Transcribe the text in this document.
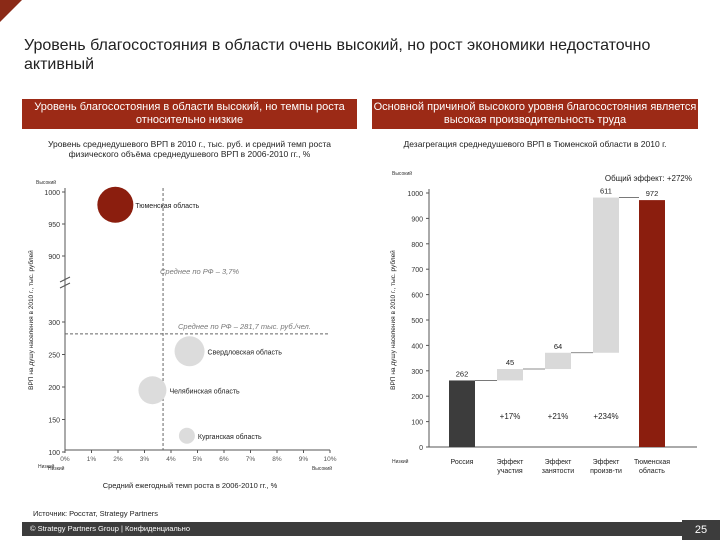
Уровень благосостояния в области очень высокий, но рост экономики недостаточно активный
Уровень благосостояния в области высокий, но темпы роста относительно низкие
Основной причиной высокого уровня благосостояния является высокая производительность труда
Уровень среднедушевого ВРП в 2010 г., тыс. руб. и средний темп роста физического объёма среднедушевого ВРП в 2006-2010 гг., %
Дезагрегация среднедушевого ВРП в Тюменской области в 2010 г.
1000
950
900
300
250
200
150
100
0%	1%	2%	3%	4%	5%	6%	7%	8%	9% 10%
Среднее по РФ – 3,7%
Среднее по РФ – 281,7 тыс. руб./чел.
Тюменская область
Свердловская область
Челябинская область
Курганская область
Высокий
Низкий
Низкий	Высокий
Средний ежегодный темп роста в 2006-2010 гг., %
ВРП на душу населения в 2010 г., тыс. рублей
0
100
200
300
400
500
600
700
800
900
1000
Общий эффект: +272%
Высокий
Низкий
ВРП на душу населения в 2010 г., тыс. рублей	262
Россия
45
+17%
Эффект
участия
64
+21%
Эффект
занятости
611
+234%
Эффект
произв-ти
972
Тюменская
область
Источник: Росстат, Strategy Partners
© Strategy Partners Group | Конфиденциально	25
